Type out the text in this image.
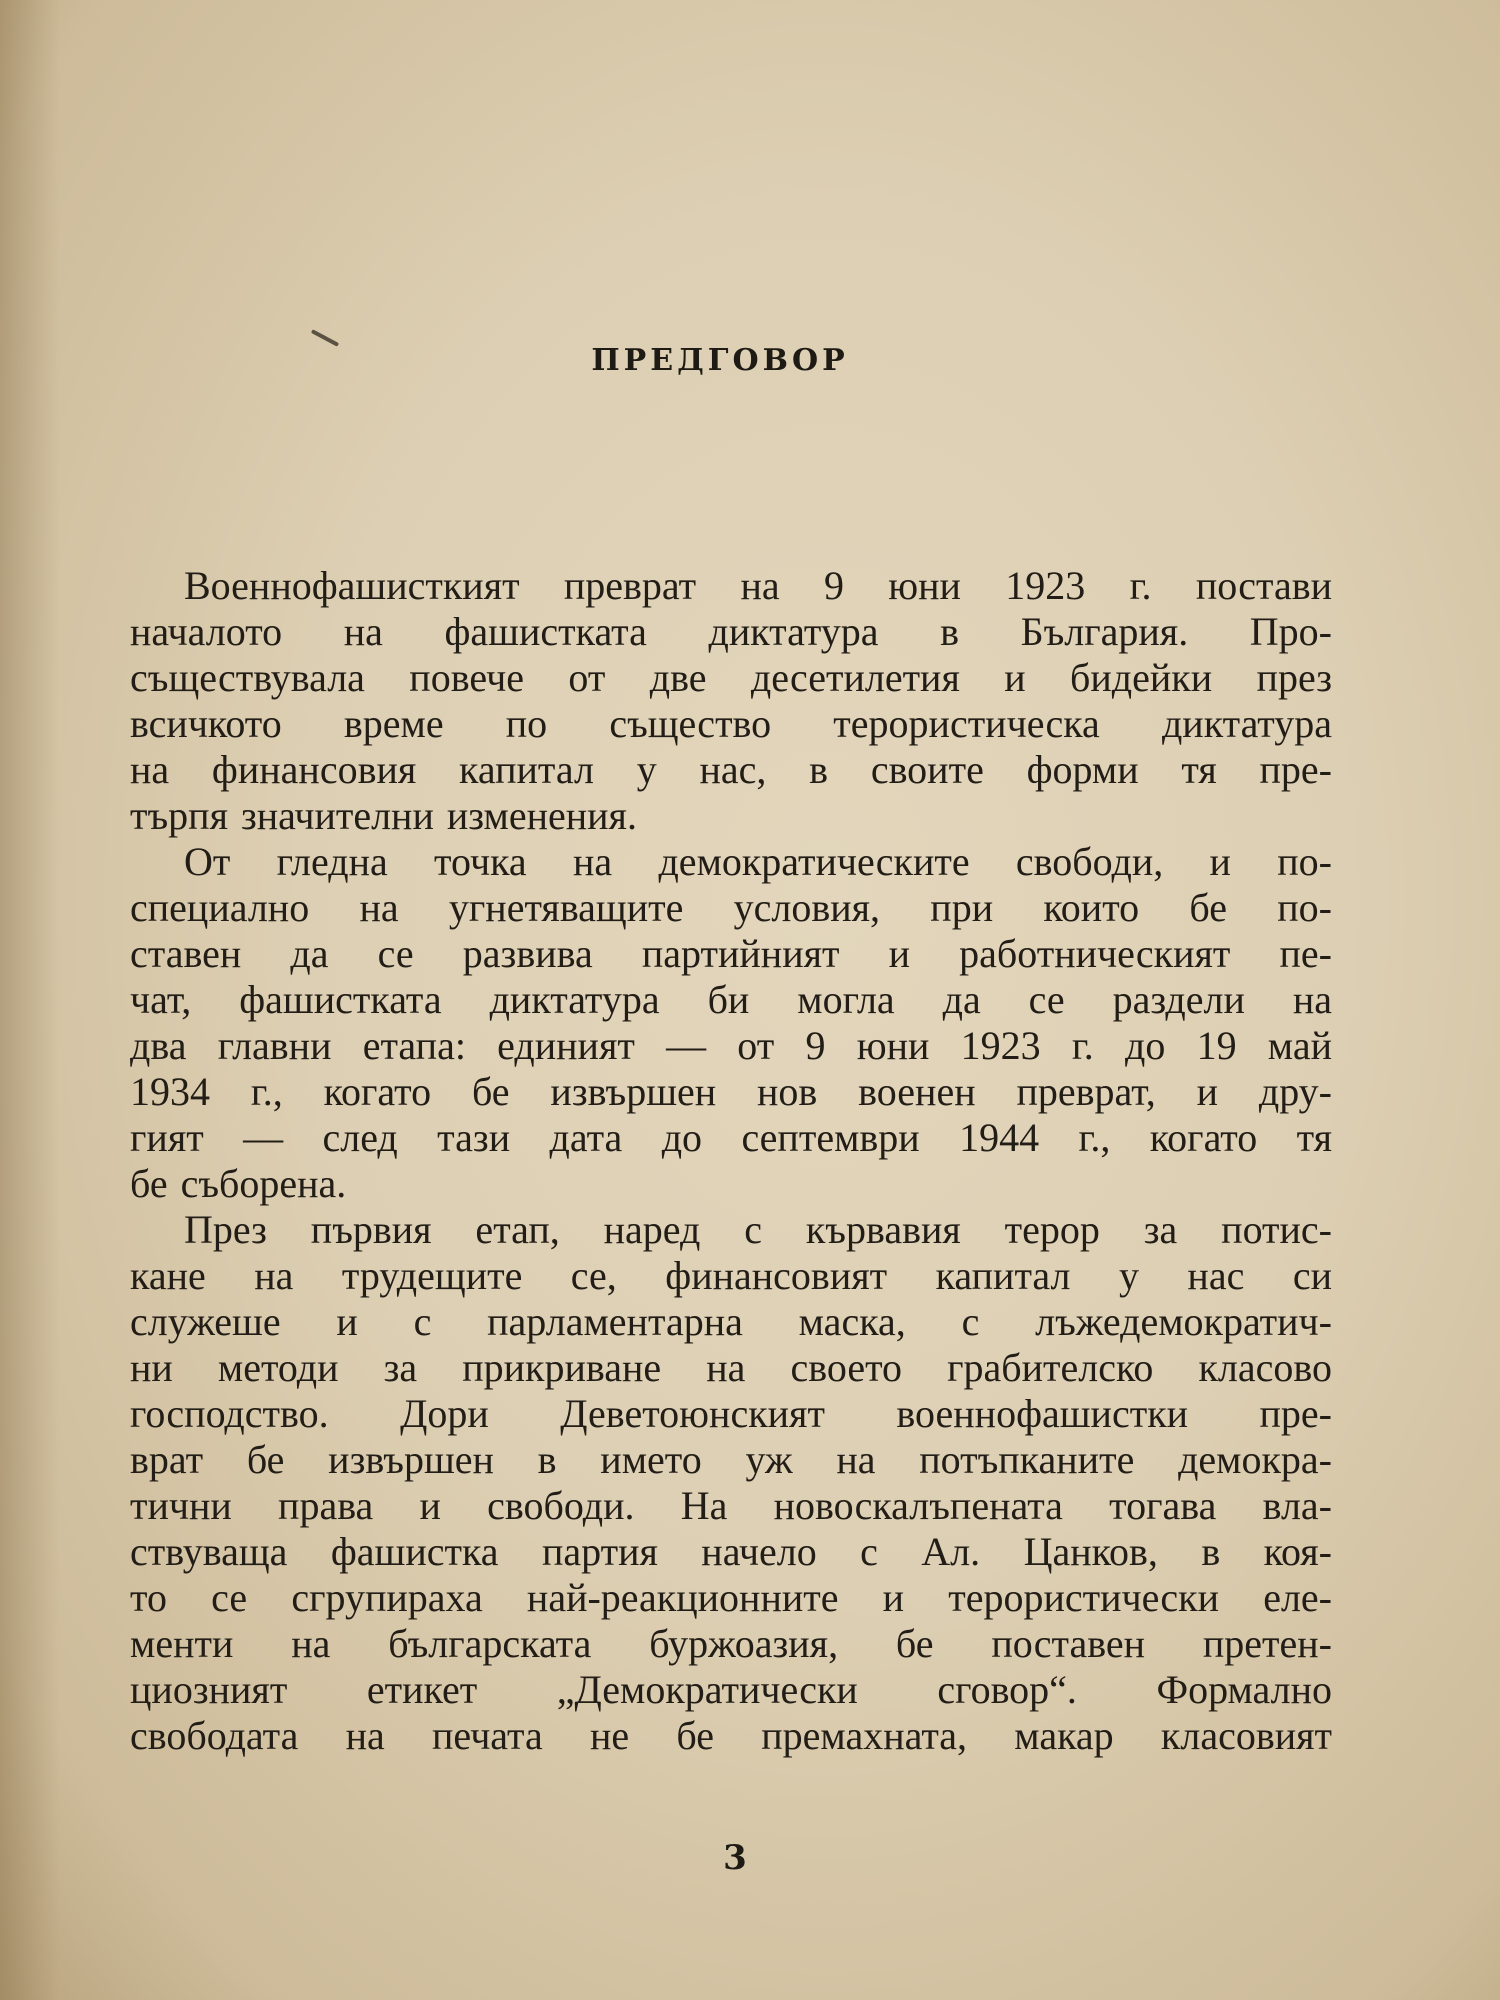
ПРЕДГОВОР
Военнофашисткият преврат на 9 юни 1923 г. постави
началото на фашистката диктатура в България. Про-
съществувала повече от две десетилетия и бидейки през
всичкото време по същество терористическа диктатура
на финансовия капитал у нас, в своите форми тя пре-
търпя значителни изменения.
От гледна точка на демократическите свободи, и по-
специално на угнетяващите условия, при които бе по-
ставен да се развива партийният и работническият пе-
чат, фашистката диктатура би могла да се раздели на
два главни етапа: единият — от 9 юни 1923 г. до 19 май
1934 г., когато бе извършен нов военен преврат, и дру-
гият — след тази дата до септември 1944 г., когато тя
бе съборена.
През първия етап, наред с кървавия терор за потис-
кане на трудещите се, финансовият капитал у нас си
служеше и с парламентарна маска, с лъжедемократич-
ни методи за прикриване на своето грабителско класово
господство. Дори Деветоюнският военнофашистки пре-
врат бе извършен в името уж на потъпканите демокра-
тични права и свободи. На новоскалъпената тогава вла-
ствуваща фашистка партия начело с Ал. Цанков, в коя-
то се сгрупираха най-реакционните и терористически еле-
менти на българската буржоазия, бе поставен претен-
циозният етикет „Демократически сговор“. Формално
свободата на печата не бе премахната, макар класовият
3
